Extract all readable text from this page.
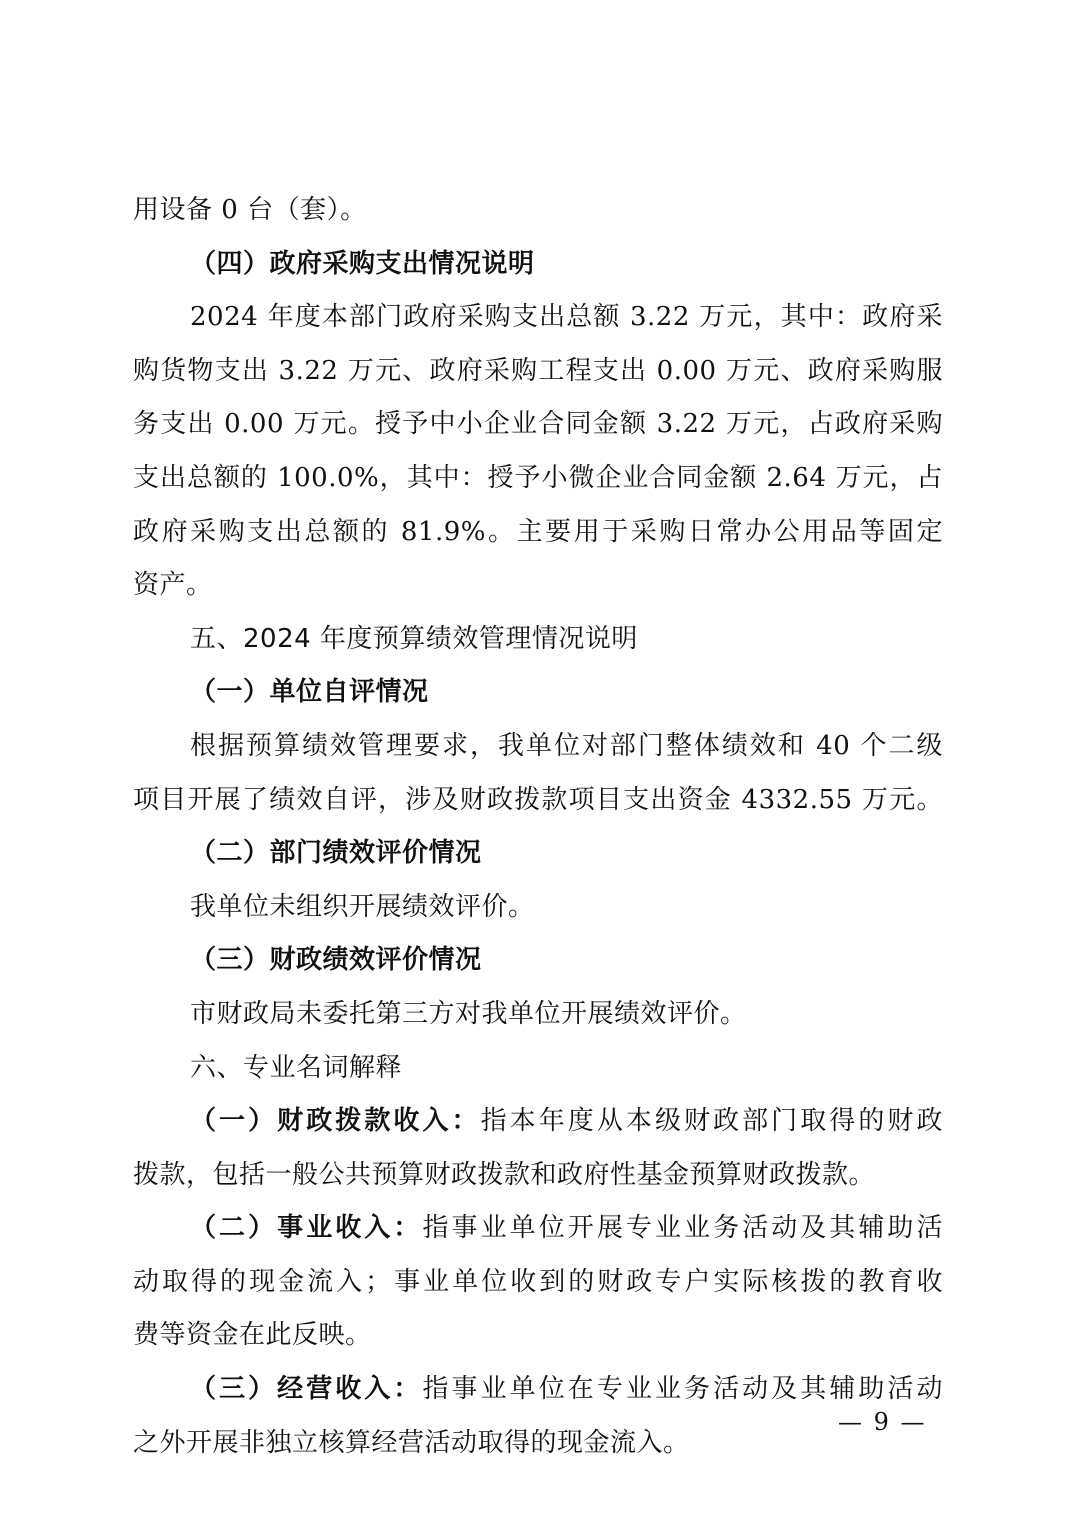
用设备 0 台（套）。
（四）政府采购支出情况说明
2024 年度本部门政府采购支出总额 3.22 万元，其中：政府采
购货物支出 3.22 万元、政府采购工程支出 0.00 万元、政府采购服
务支出 0.00 万元。授予中小企业合同金额 3.22 万元，占政府采购
支出总额的 100.0%，其中：授予小微企业合同金额 2.64 万元，占
政府采购支出总额的 81.9%。主要用于采购日常办公用品等固定
资产。
五、2024 年度预算绩效管理情况说明
（一）单位自评情况
根据预算绩效管理要求，我单位对部门整体绩效和 40 个二级
项目开展了绩效自评，涉及财政拨款项目支出资金 4332.55 万元。
（二）部门绩效评价情况
我单位未组织开展绩效评价。
（三）财政绩效评价情况
市财政局未委托第三方对我单位开展绩效评价。
六、专业名词解释
（一）财政拨款收入：指本年度从本级财政部门取得的财政
拨款，包括一般公共预算财政拨款和政府性基金预算财政拨款。
（二）事业收入：指事业单位开展专业业务活动及其辅助活
动取得的现金流入；事业单位收到的财政专户实际核拨的教育收
费等资金在此反映。
（三）经营收入：指事业单位在专业业务活动及其辅助活动
之外开展非独立核算经营活动取得的现金流入。
— 9 —
